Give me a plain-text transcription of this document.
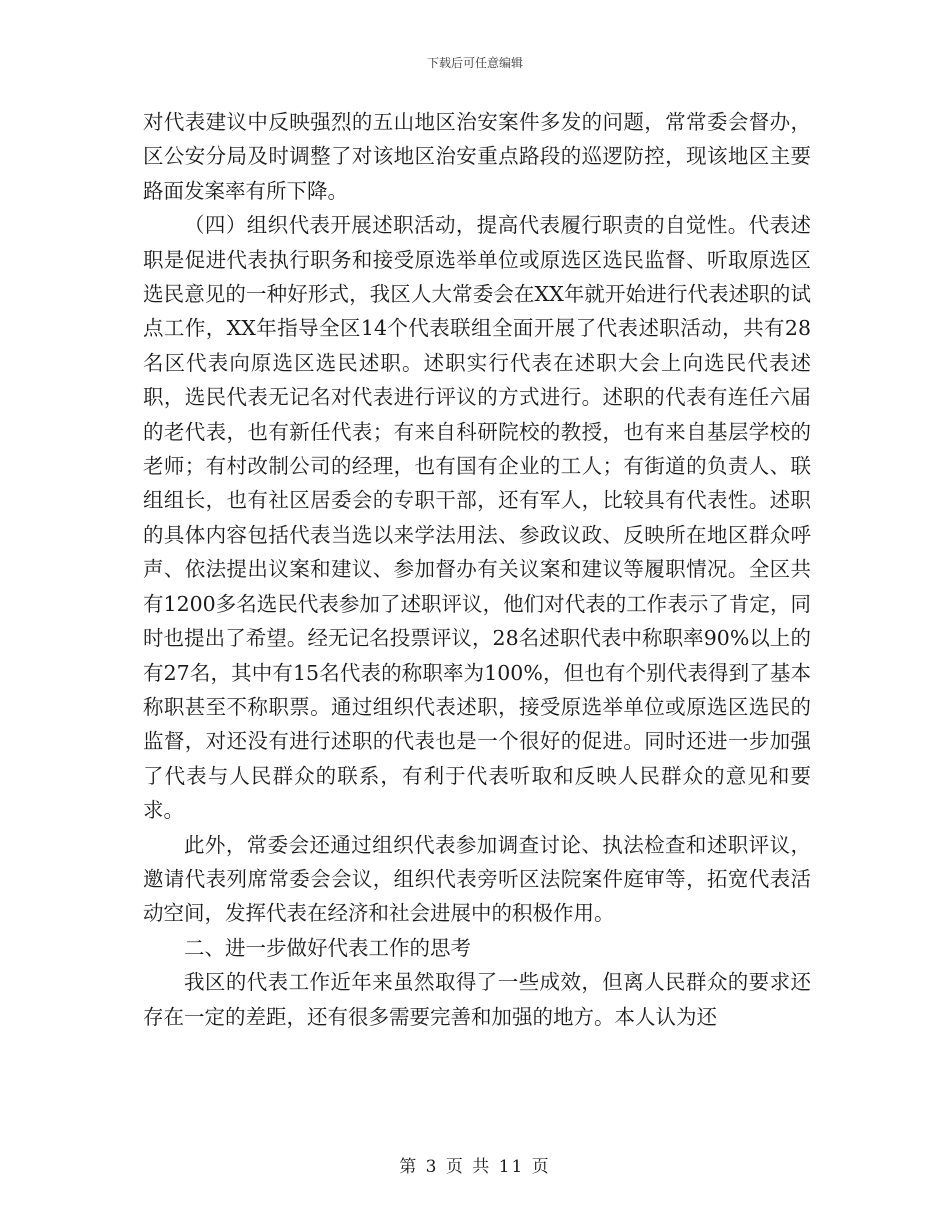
下载后可任意编辑

对代表建议中反映强烈的五山地区治安案件多发的问题，常常委会督办，区公安分局及时调整了对该地区治安重点路段的巡逻防控，现该地区主要路面发案率有所下降。

（四）组织代表开展述职活动，提高代表履行职责的自觉性。代表述职是促进代表执行职务和接受原选举单位或原选区选民监督、听取原选区选民意见的一种好形式，我区人大常委会在XX年就开始进行代表述职的试点工作，XX年指导全区14个代表联组全面开展了代表述职活动，共有28名区代表向原选区选民述职。述职实行代表在述职大会上向选民代表述职，选民代表无记名对代表进行评议的方式进行。述职的代表有连任六届的老代表，也有新任代表；有来自科研院校的教授，也有来自基层学校的老师；有村改制公司的经理，也有国有企业的工人；有街道的负责人、联组组长，也有社区居委会的专职干部，还有军人，比较具有代表性。述职的具体内容包括代表当选以来学法用法、参政议政、反映所在地区群众呼声、依法提出议案和建议、参加督办有关议案和建议等履职情况。全区共有1200多名选民代表参加了述职评议，他们对代表的工作表示了肯定，同时也提出了希望。经无记名投票评议，28名述职代表中称职率90%以上的有27名，其中有15名代表的称职率为100%，但也有个别代表得到了基本称职甚至不称职票。通过组织代表述职，接受原选举单位或原选区选民的监督，对还没有进行述职的代表也是一个很好的促进。同时还进一步加强了代表与人民群众的联系，有利于代表听取和反映人民群众的意见和要求。

此外，常委会还通过组织代表参加调查讨论、执法检查和述职评议，邀请代表列席常委会会议，组织代表旁听区法院案件庭审等，拓宽代表活动空间，发挥代表在经济和社会进展中的积极作用。

二、进一步做好代表工作的思考

我区的代表工作近年来虽然取得了一些成效，但离人民群众的要求还存在一定的差距，还有很多需要完善和加强的地方。本人认为还

第 3 页 共 11 页
